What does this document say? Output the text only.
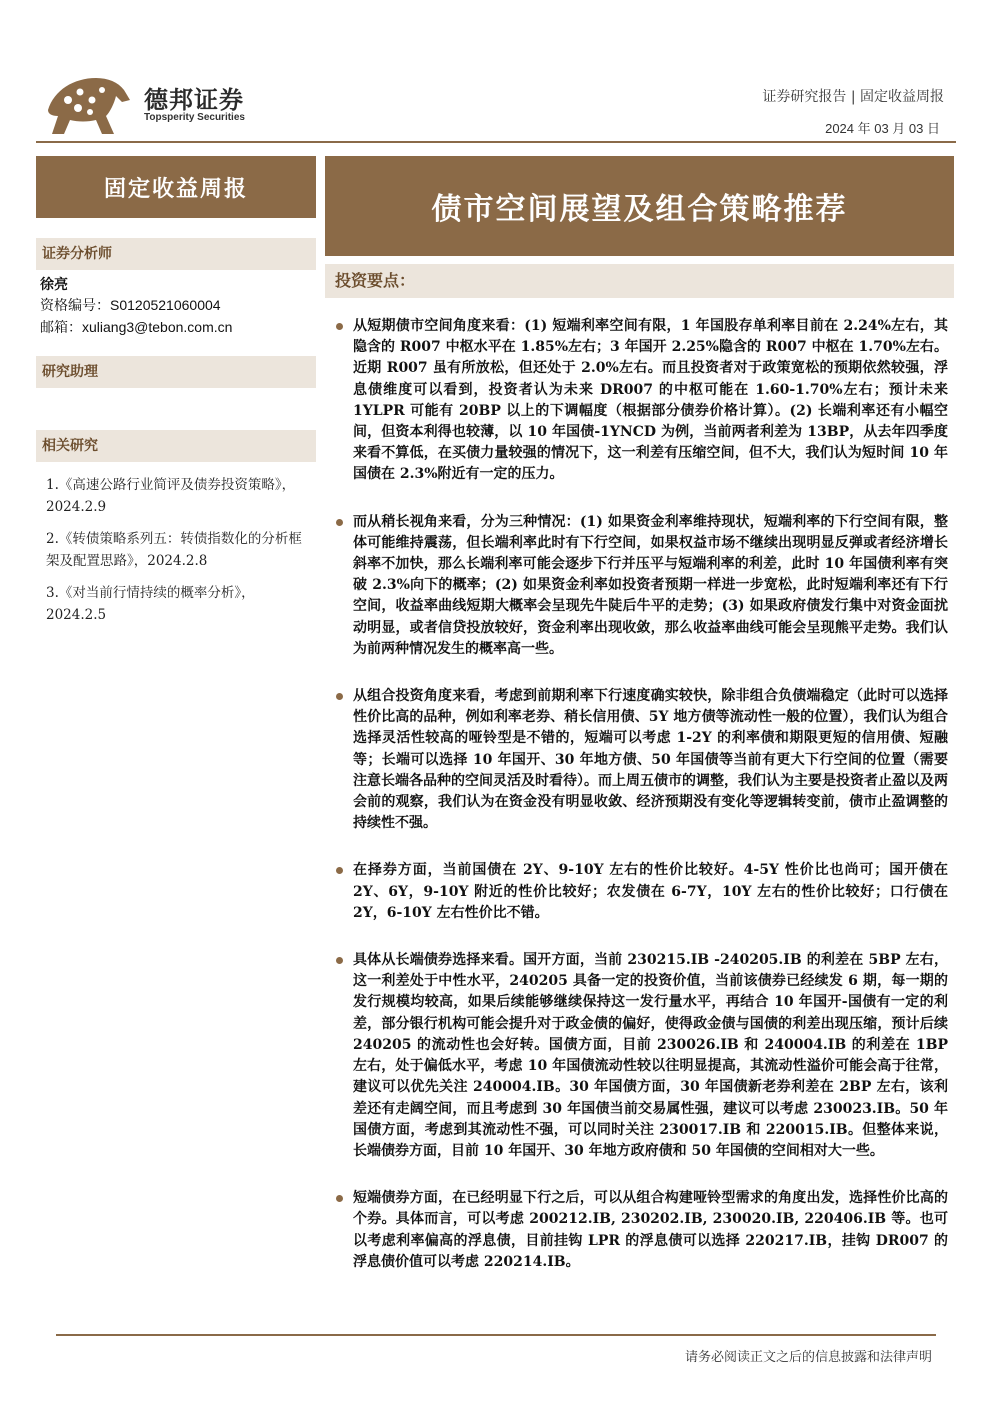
德邦证券
Topsperity Securities
证券研究报告 | 固定收益周报
2024 年 03 月 03 日
固定收益周报
债市空间展望及组合策略推荐
证券分析师
徐亮
资格编号：S0120521060004
邮箱：xuliang3@tebon.com.cn
研究助理
相关研究
1.《高速公路行业简评及债券投资策略》，2024.2.9
2.《转债策略系列五：转债指数化的分析框架及配置思路》，2024.2.8
3.《对当前行情持续的概率分析》，2024.2.5
投资要点：
从短期债市空间角度来看：(1) 短端利率空间有限，1 年国股存单利率目前在 2.24%左右，其隐含的 R007 中枢水平在 1.85%左右；3 年国开 2.25%隐含的 R007 中枢在 1.70%左右。近期 R007 虽有所放松，但还处于 2.0%左右。而且投资者对于政策宽松的预期依然较强，浮息债维度可以看到，投资者认为未来 DR007 的中枢可能在 1.60-1.70%左右；预计未来 1YLPR 可能有 20BP 以上的下调幅度（根据部分债券价格计算）。(2) 长端利率还有小幅空间，但资本利得也较薄，以 10 年国债-1YNCD 为例，当前两者利差为 13BP，从去年四季度来看不算低，在买债力量较强的情况下，这一利差有压缩空间，但不大，我们认为短时间 10 年国债在 2.3%附近有一定的压力。
而从稍长视角来看，分为三种情况：(1) 如果资金利率维持现状，短端利率的下行空间有限，整体可能维持震荡，但长端利率此时有下行空间，如果权益市场不继续出现明显反弹或者经济增长斜率不加快，那么长端利率可能会逐步下行并压平与短端利率的利差，此时 10 年国债利率有突破 2.3%向下的概率；(2) 如果资金利率如投资者预期一样进一步宽松，此时短端利率还有下行空间，收益率曲线短期大概率会呈现先牛陡后牛平的走势；(3) 如果政府债发行集中对资金面扰动明显，或者信贷投放较好，资金利率出现收敛，那么收益率曲线可能会呈现熊平走势。我们认为前两种情况发生的概率高一些。
从组合投资角度来看，考虑到前期利率下行速度确实较快，除非组合负债端稳定（此时可以选择性价比高的品种，例如利率老券、稍长信用债、5Y 地方债等流动性一般的位置），我们认为组合选择灵活性较高的哑铃型是不错的，短端可以考虑 1-2Y 的利率债和期限更短的信用债、短融等；长端可以选择 10 年国开、30 年地方债、50 年国债等当前有更大下行空间的位置（需要注意长端各品种的空间灵活及时看待）。而上周五债市的调整，我们认为主要是投资者止盈以及两会前的观察，我们认为在资金没有明显收敛、经济预期没有变化等逻辑转变前，债市止盈调整的持续性不强。
在择券方面，当前国债在 2Y、9-10Y 左右的性价比较好。4-5Y 性价比也尚可；国开债在 2Y、6Y，9-10Y 附近的性价比较好；农发债在 6-7Y，10Y 左右的性价比较好；口行债在 2Y，6-10Y 左右性价比不错。
具体从长端债券选择来看。国开方面，当前 230215.IB -240205.IB 的利差在 5BP 左右，这一利差处于中性水平，240205 具备一定的投资价值，当前该债券已经续发 6 期，每一期的发行规模均较高，如果后续能够继续保持这一发行量水平，再结合 10 年国开-国债有一定的利差，部分银行机构可能会提升对于政金债的偏好，使得政金债与国债的利差出现压缩，预计后续 240205 的流动性也会好转。国债方面，目前 230026.IB 和 240004.IB 的利差在 1BP 左右，处于偏低水平，考虑 10 年国债流动性较以往明显提高，其流动性溢价可能会高于往常，建议可以优先关注 240004.IB。30 年国债方面，30 年国债新老券利差在 2BP 左右，该利差还有走阔空间，而且考虑到 30 年国债当前交易属性强，建议可以考虑 230023.IB。50 年国债方面，考虑到其流动性不强，可以同时关注 230017.IB 和 220015.IB。但整体来说，长端债券方面，目前 10 年国开、30 年地方政府债和 50 年国债的空间相对大一些。
短端债券方面，在已经明显下行之后，可以从组合构建哑铃型需求的角度出发，选择性价比高的个券。具体而言，可以考虑 200212.IB, 230202.IB, 230020.IB, 220406.IB 等。也可以考虑利率偏高的浮息债，目前挂钩 LPR 的浮息债可以选择 220217.IB，挂钩 DR007 的浮息债价值可以考虑 220214.IB。
请务必阅读正文之后的信息披露和法律声明
